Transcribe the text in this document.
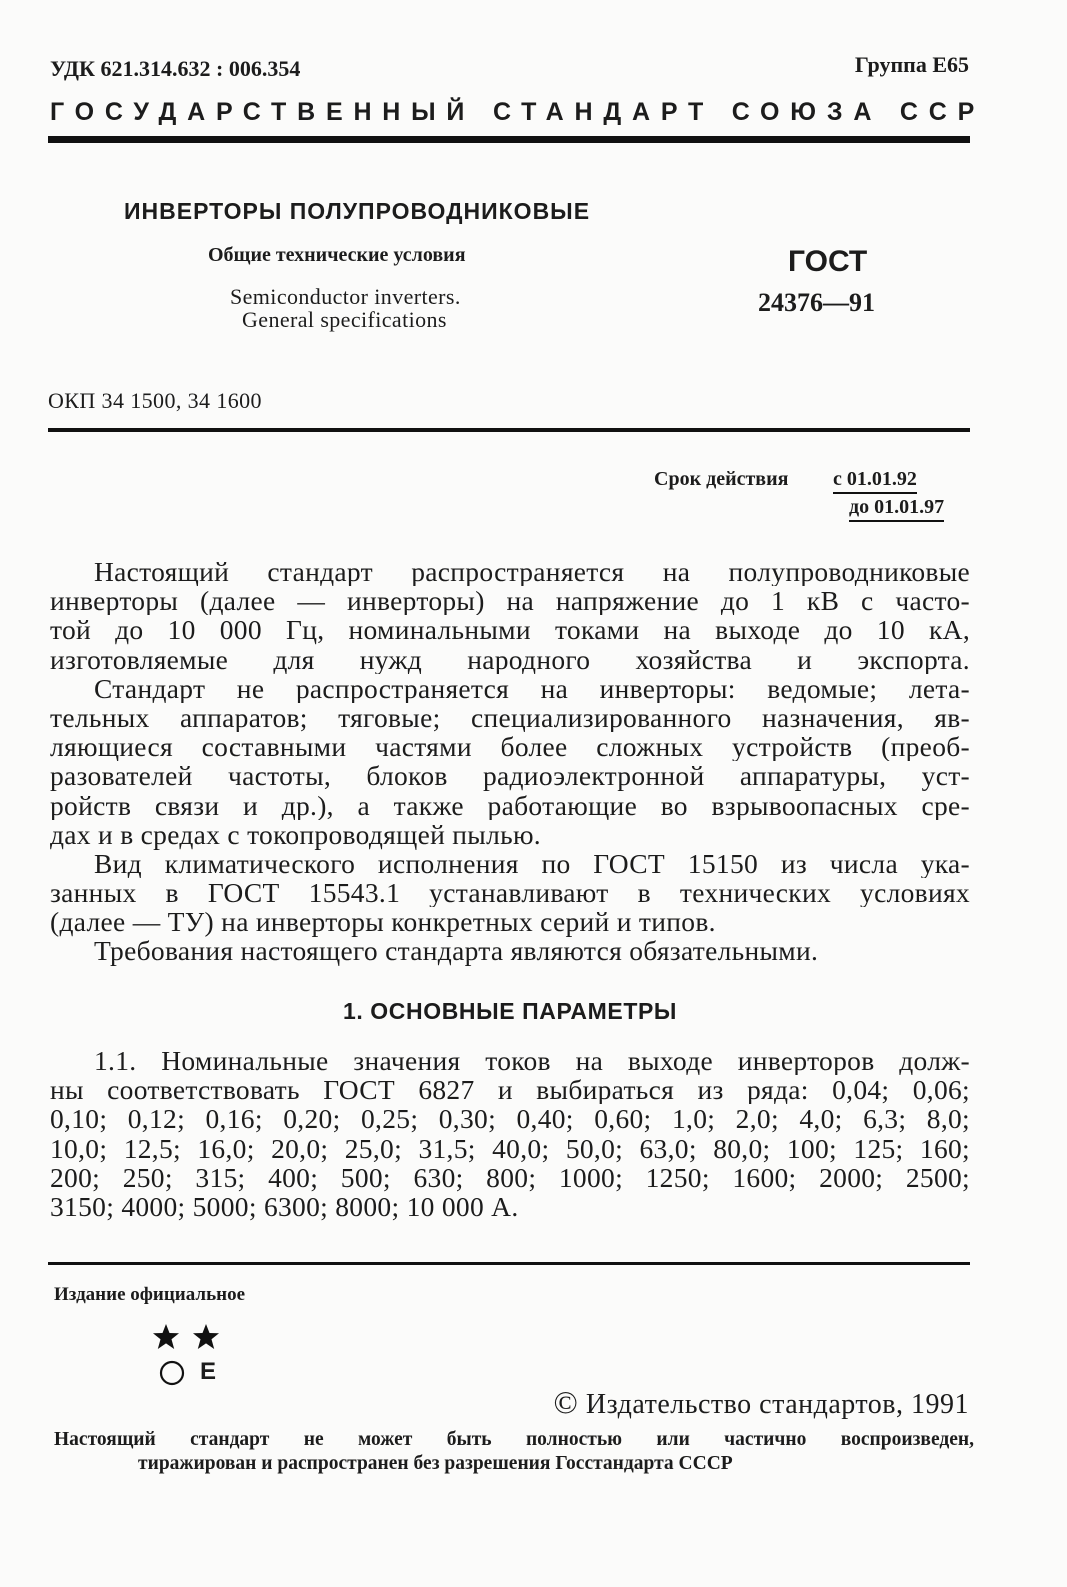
УДК 621.314.632 : 006.354	Группа Е65
ГОСУДАРСТВЕННЫЙ СТАНДАРТ СОЮЗА ССР
ИНВЕРТОРЫ ПОЛУПРОВОДНИКОВЫЕ
Общие технические условия
Semiconductor inverters.
General specifications
ГОСТ
24376—91
ОКП 34 1500, 34 1600
Срок действия с 01.01.92
до 01.01.97
Настоящий стандарт распространяется на полупроводниковые
инверторы (далее — инверторы) на напряжение до 1 кВ с часто-
той до 10 000 Гц, номинальными токами на выходе до 10 кА,
изготовляемые для нужд народного хозяйства и экспорта.
Стандарт не распространяется на инверторы: ведомые; лета-
тельных аппаратов; тяговые; специализированного назначения, яв-
ляющиеся составными частями более сложных устройств (преоб-
разователей частоты, блоков радиоэлектронной аппаратуры, уст-
ройств связи и др.), а также работающие во взрывоопасных сре-
дах и в средах с токопроводящей пылью.
Вид климатического исполнения по ГОСТ 15150 из числа ука-
занных в ГОСТ 15543.1 устанавливают в технических условиях
(далее — ТУ) на инверторы конкретных серий и типов.
Требования настоящего стандарта являются обязательными.
1. ОСНОВНЫЕ ПАРАМЕТРЫ
1.1. Номинальные значения токов на выходе инверторов долж-
ны соответствовать ГОСТ 6827 и выбираться из ряда: 0,04; 0,06;
0,10; 0,12; 0,16; 0,20; 0,25; 0,30; 0,40; 0,60; 1,0; 2,0; 4,0; 6,3; 8,0;
10,0; 12,5; 16,0; 20,0; 25,0; 31,5; 40,0; 50,0; 63,0; 80,0; 100; 125; 160;
200; 250; 315; 400; 500; 630; 800; 1000; 1250; 1600; 2000; 2500;
3150; 4000; 5000; 6300; 8000; 10 000 А.
Издание официальное
Е
© Издательство стандартов, 1991
Настоящий стандарт не может быть полностью или частично воспроизведен,
тиражирован и распространен без разрешения Госстандарта СССР
